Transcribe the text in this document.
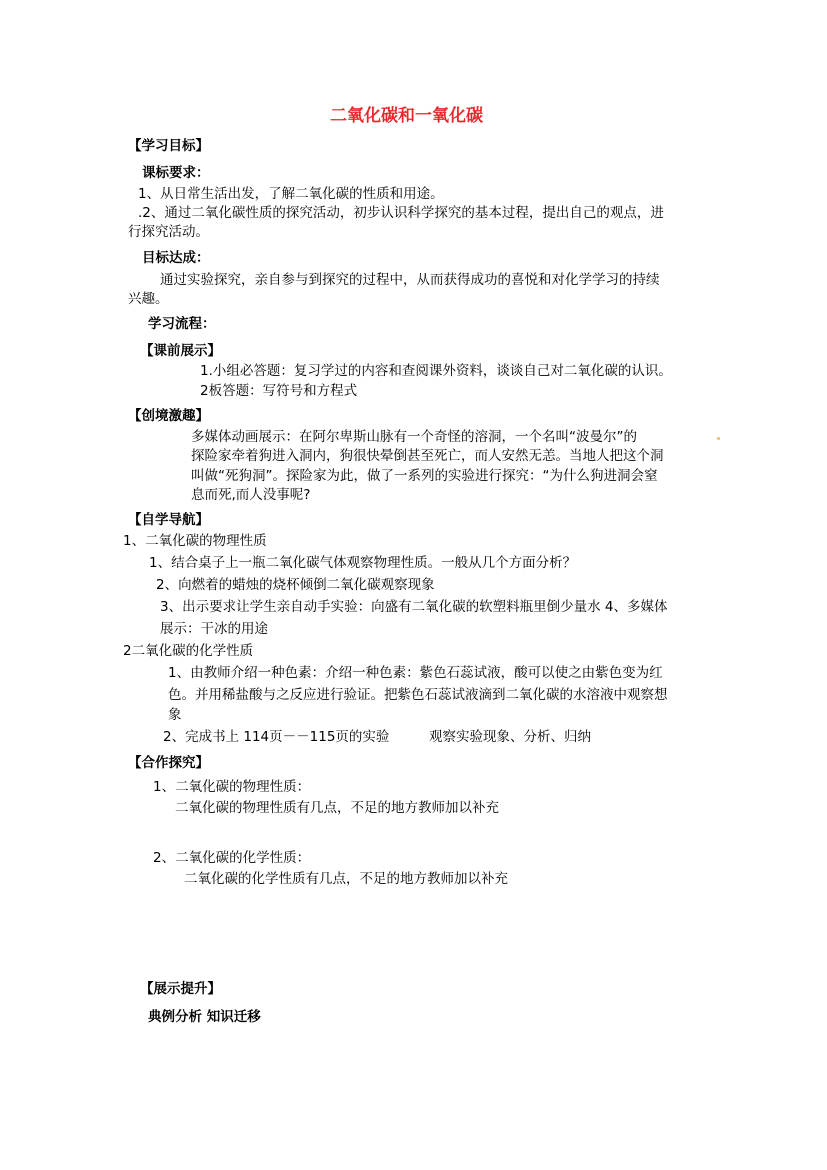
二氧化碳和一氧化碳
【学习目标】
课标要求：
1、从日常生活出发，了解二氧化碳的性质和用途。
.2、通过二氧化碳性质的探究活动，初步认识科学探究的基本过程，提出自己的观点，进
行探究活动。
目标达成：
通过实验探究，亲自参与到探究的过程中，从而获得成功的喜悦和对化学学习的持续
兴趣。
学习流程：
【课前展示】
1.小组必答题：复习学过的内容和查阅课外资料，谈谈自己对二氧化碳的认识。
2板答题：写符号和方程式
【创境激趣】
多媒体动画展示：在阿尔卑斯山脉有一个奇怪的溶洞，一个名叫“波曼尔”的
探险家牵着狗进入洞内，狗很快晕倒甚至死亡，而人安然无恙。当地人把这个洞
叫做“死狗洞”。探险家为此，做了一系列的实验进行探究：“为什么狗进洞会窒
息而死,而人没事呢?
【自学导航】
1、二氧化碳的物理性质
1、结合桌子上一瓶二氧化碳气体观察物理性质。一般从几个方面分析？
2、向燃着的蜡烛的烧杯倾倒二氧化碳观察现象
3、出示要求让学生亲自动手实验：向盛有二氧化碳的软塑料瓶里倒少量水 4、多媒体
展示：干冰的用途
2二氧化碳的化学性质
1、由教师介绍一种色素：介绍一种色素：紫色石蕊试液，酸可以使之由紫色变为红
色。并用稀盐酸与之反应进行验证。把紫色石蕊试液滴到二氧化碳的水溶液中观察想
象
2、完成书上 114页－－115页的实验	观察实验现象、分析、归纳
【合作探究】
1、二氧化碳的物理性质：
二氧化碳的物理性质有几点，不足的地方教师加以补充
2、二氧化碳的化学性质：
二氧化碳的化学性质有几点，不足的地方教师加以补充
【展示提升】
典例分析 知识迁移
